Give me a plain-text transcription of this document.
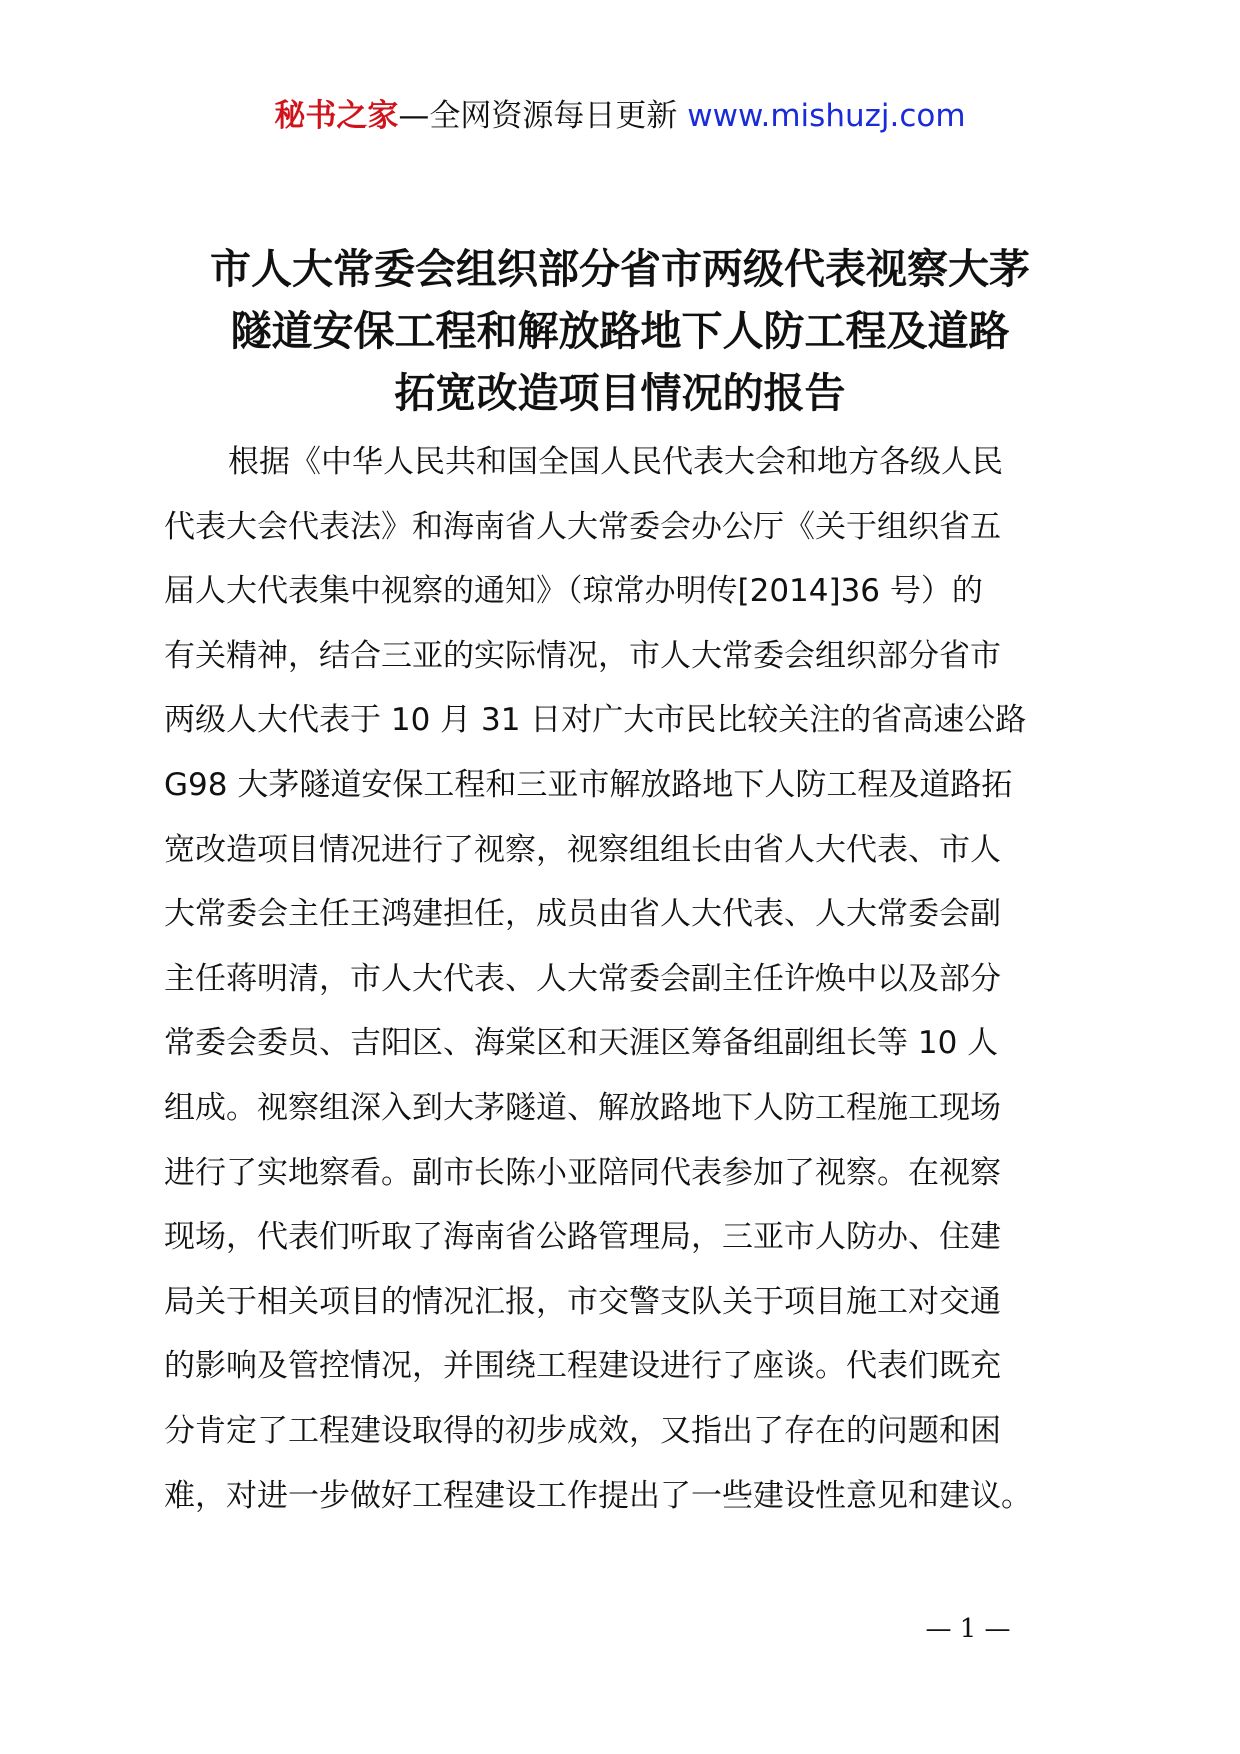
秘书之家—全网资源每日更新 www.mishuzj.com
市人大常委会组织部分省市两级代表视察大茅
隧道安保工程和解放路地下人防工程及道路
拓宽改造项目情况的报告
根据《中华人民共和国全国人民代表大会和地方各级人民
代表大会代表法》和海南省人大常委会办公厅《关于组织省五
届人大代表集中视察的通知》（琼常办明传[2014]36 号）的
有关精神，结合三亚的实际情况，市人大常委会组织部分省市
两级人大代表于 10 月 31 日对广大市民比较关注的省高速公路
G98 大茅隧道安保工程和三亚市解放路地下人防工程及道路拓
宽改造项目情况进行了视察，视察组组长由省人大代表、市人
大常委会主任王鸿建担任，成员由省人大代表、人大常委会副
主任蒋明清，市人大代表、人大常委会副主任许焕中以及部分
常委会委员、吉阳区、海棠区和天涯区筹备组副组长等 10 人
组成。视察组深入到大茅隧道、解放路地下人防工程施工现场
进行了实地察看。副市长陈小亚陪同代表参加了视察。在视察
现场，代表们听取了海南省公路管理局，三亚市人防办、住建
局关于相关项目的情况汇报，市交警支队关于项目施工对交通
的影响及管控情况，并围绕工程建设进行了座谈。代表们既充
分肯定了工程建设取得的初步成效，又指出了存在的问题和困
难，对进一步做好工程建设工作提出了一些建设性意见和建议。
— 1 —
